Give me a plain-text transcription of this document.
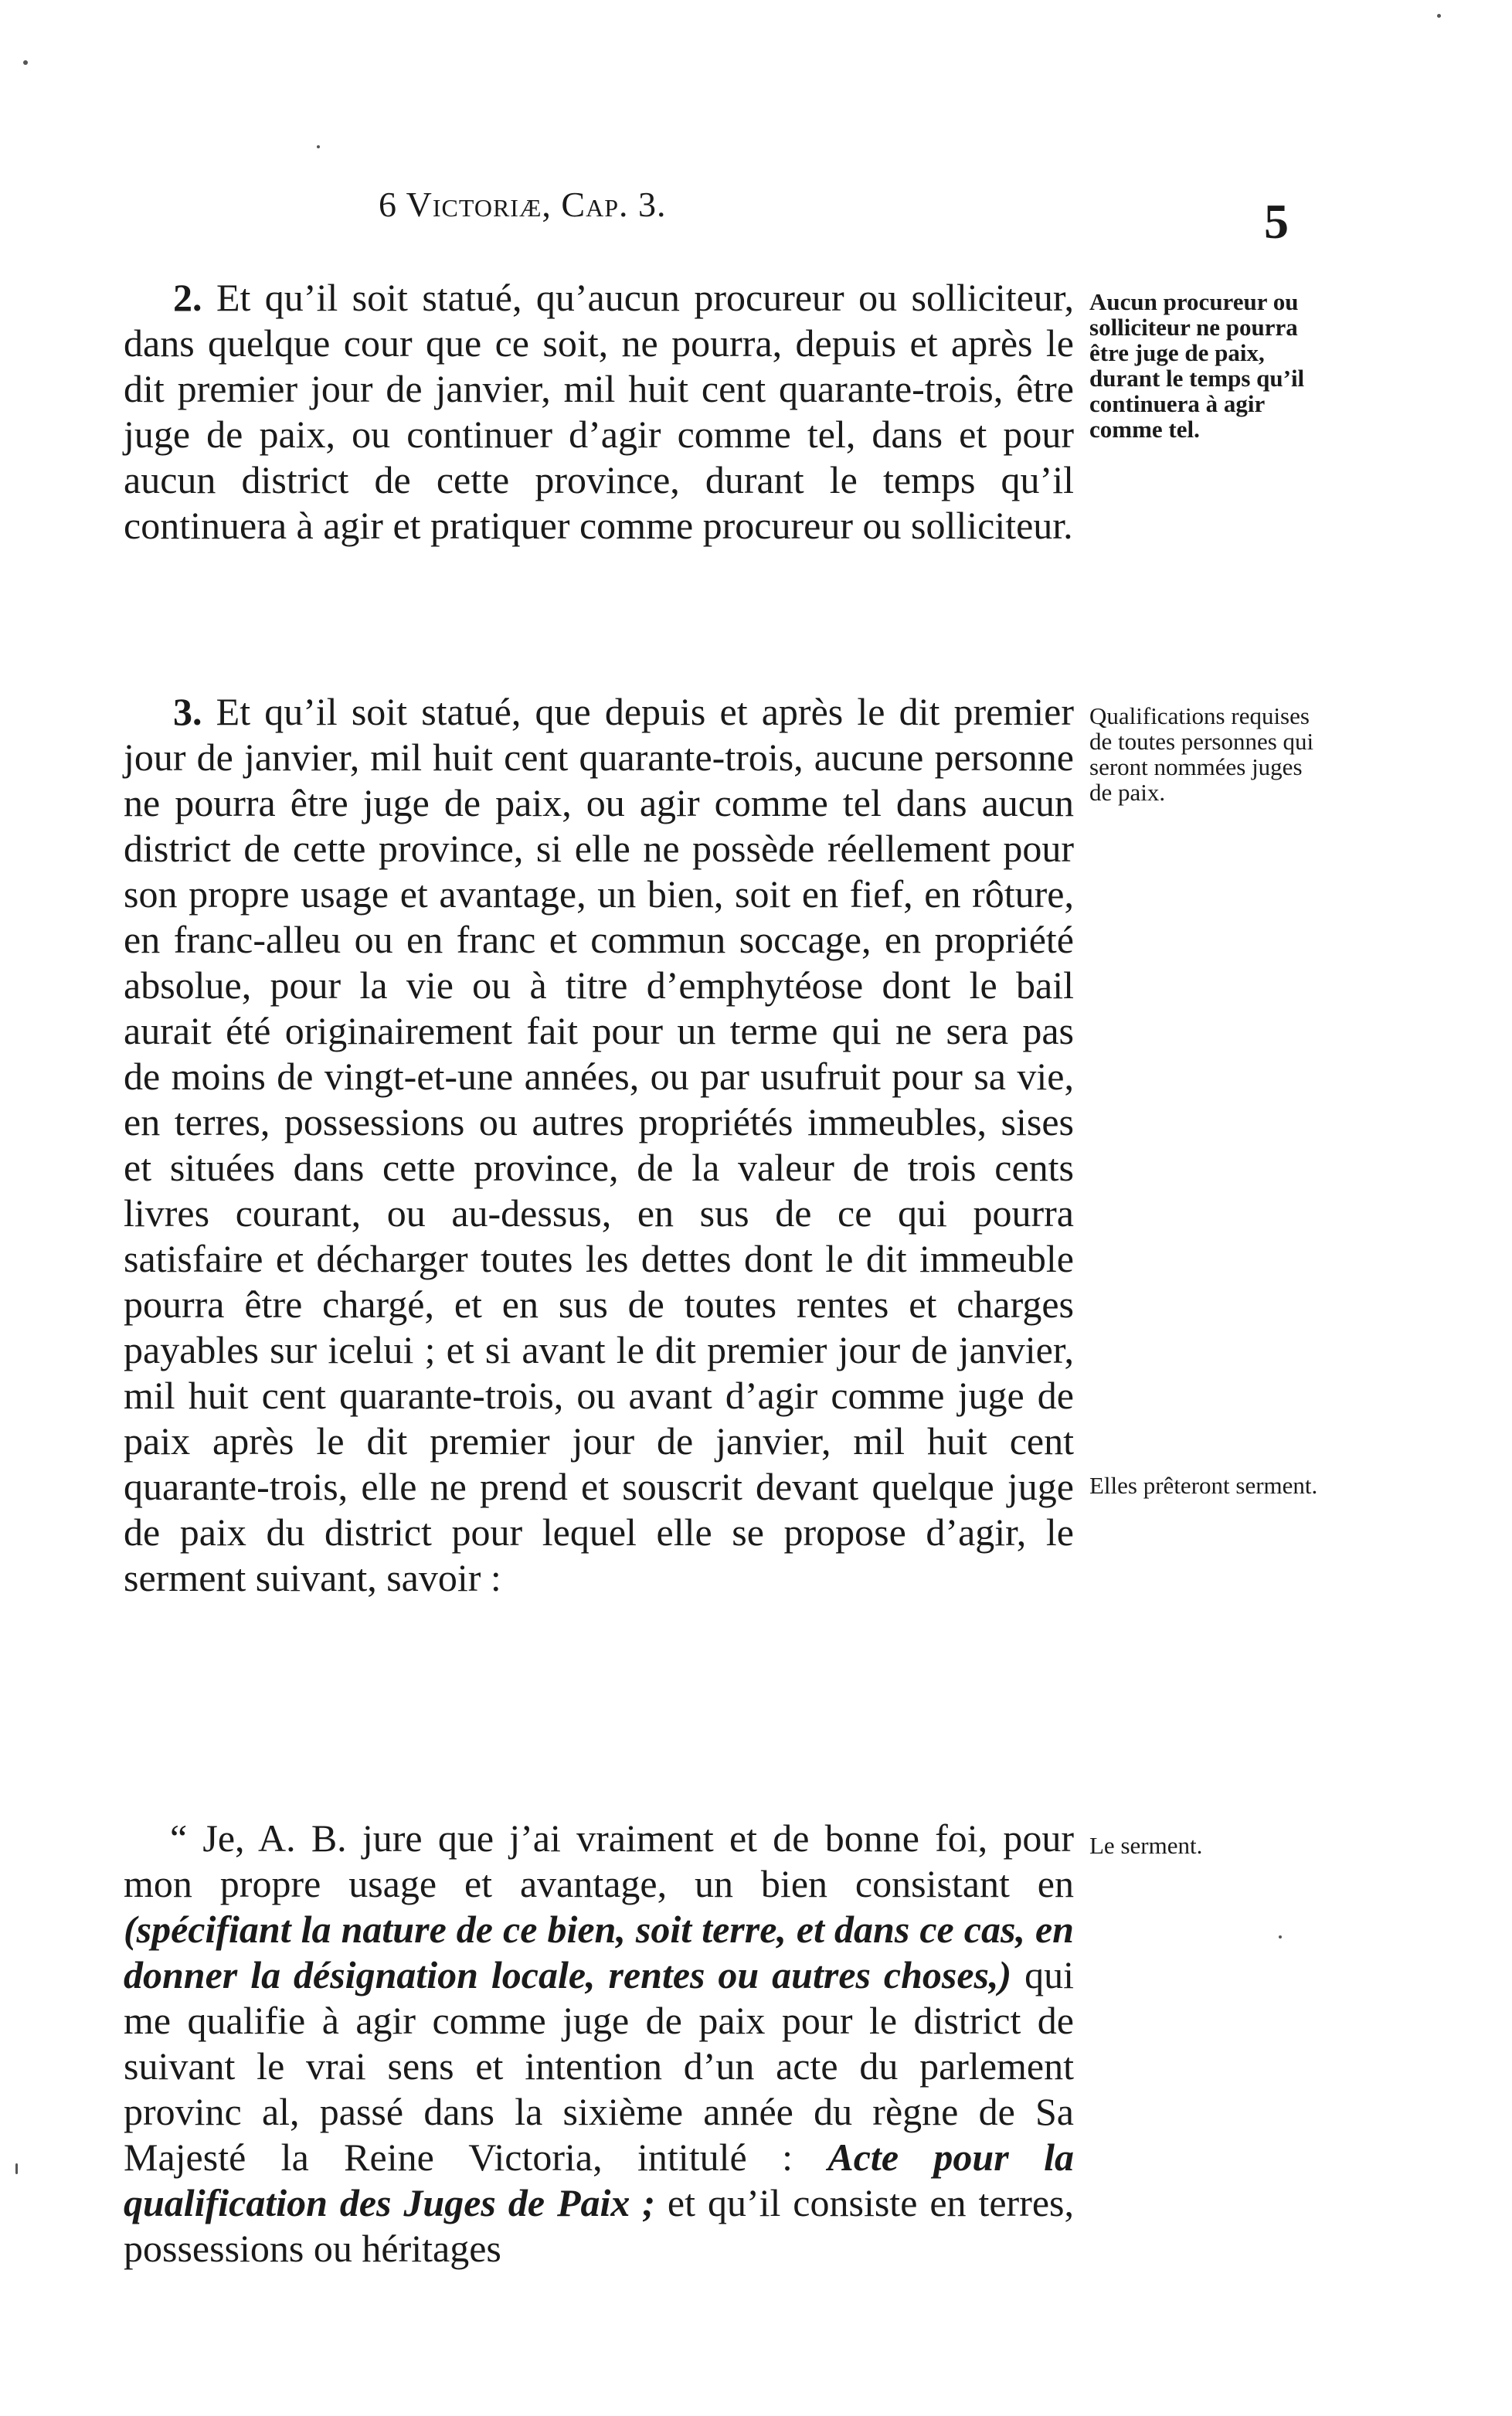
6 Victoriæ, Cap. 3.	5

2. Et qu’il soit statué, qu’aucun procureur ou solliciteur, dans quelque cour que ce soit, ne pourra, depuis et après le dit premier jour de janvier, mil huit cent quarante-trois, être juge de paix, ou continuer d’agir comme tel, dans et pour aucun district de cette province, durant le temps qu’il continuera à agir et pratiquer comme procureur ou solliciteur.

Aucun procureur ou solliciteur ne pourra être juge de paix, durant le temps qu’il continuera à agir comme tel.

3. Et qu’il soit statué, que depuis et après le dit premier jour de janvier, mil huit cent quarante-trois, aucune personne ne pourra être juge de paix, ou agir comme tel dans aucun district de cette province, si elle ne possède réellement pour son propre usage et avantage, un bien, soit en fief, en rôture, en franc-alleu ou en franc et commun soccage, en propriété absolue, pour la vie ou à titre d’emphytéose dont le bail aurait été originairement fait pour un terme qui ne sera pas de moins de vingt-et-une années, ou par usufruit pour sa vie, en terres, possessions ou autres propriétés immeubles, sises et situées dans cette province, de la valeur de trois cents livres courant, ou au-dessus, en sus de ce qui pourra satisfaire et décharger toutes les dettes dont le dit immeuble pourra être chargé, et en sus de toutes rentes et charges payables sur icelui ; et si avant le dit premier jour de janvier, mil huit cent quarante-trois, ou avant d’agir comme juge de paix après le dit premier jour de janvier, mil huit cent quarante-trois, elle ne prend et souscrit devant quelque juge de paix du district pour lequel elle se propose d’agir, le serment suivant, savoir :

Qualifications requises de toutes personnes qui seront nommées juges de paix.
Elles prêteront serment.

“ Je, A. B. jure que j’ai vraiment et de bonne foi, pour mon propre usage et avantage, un bien consistant en (spécifiant la nature de ce bien, soit terre, et dans ce cas, en donner la désignation locale, rentes ou autres choses,) qui me qualifie à agir comme juge de paix pour le district de suivant le vrai sens et intention d’un acte du parlement provinc al, passé dans la sixième année du règne de Sa Majesté la Reine Victoria, intitulé : Acte pour la qualification des Juges de Paix ; et qu’il consiste en terres, possessions ou héritages

Le serment.
